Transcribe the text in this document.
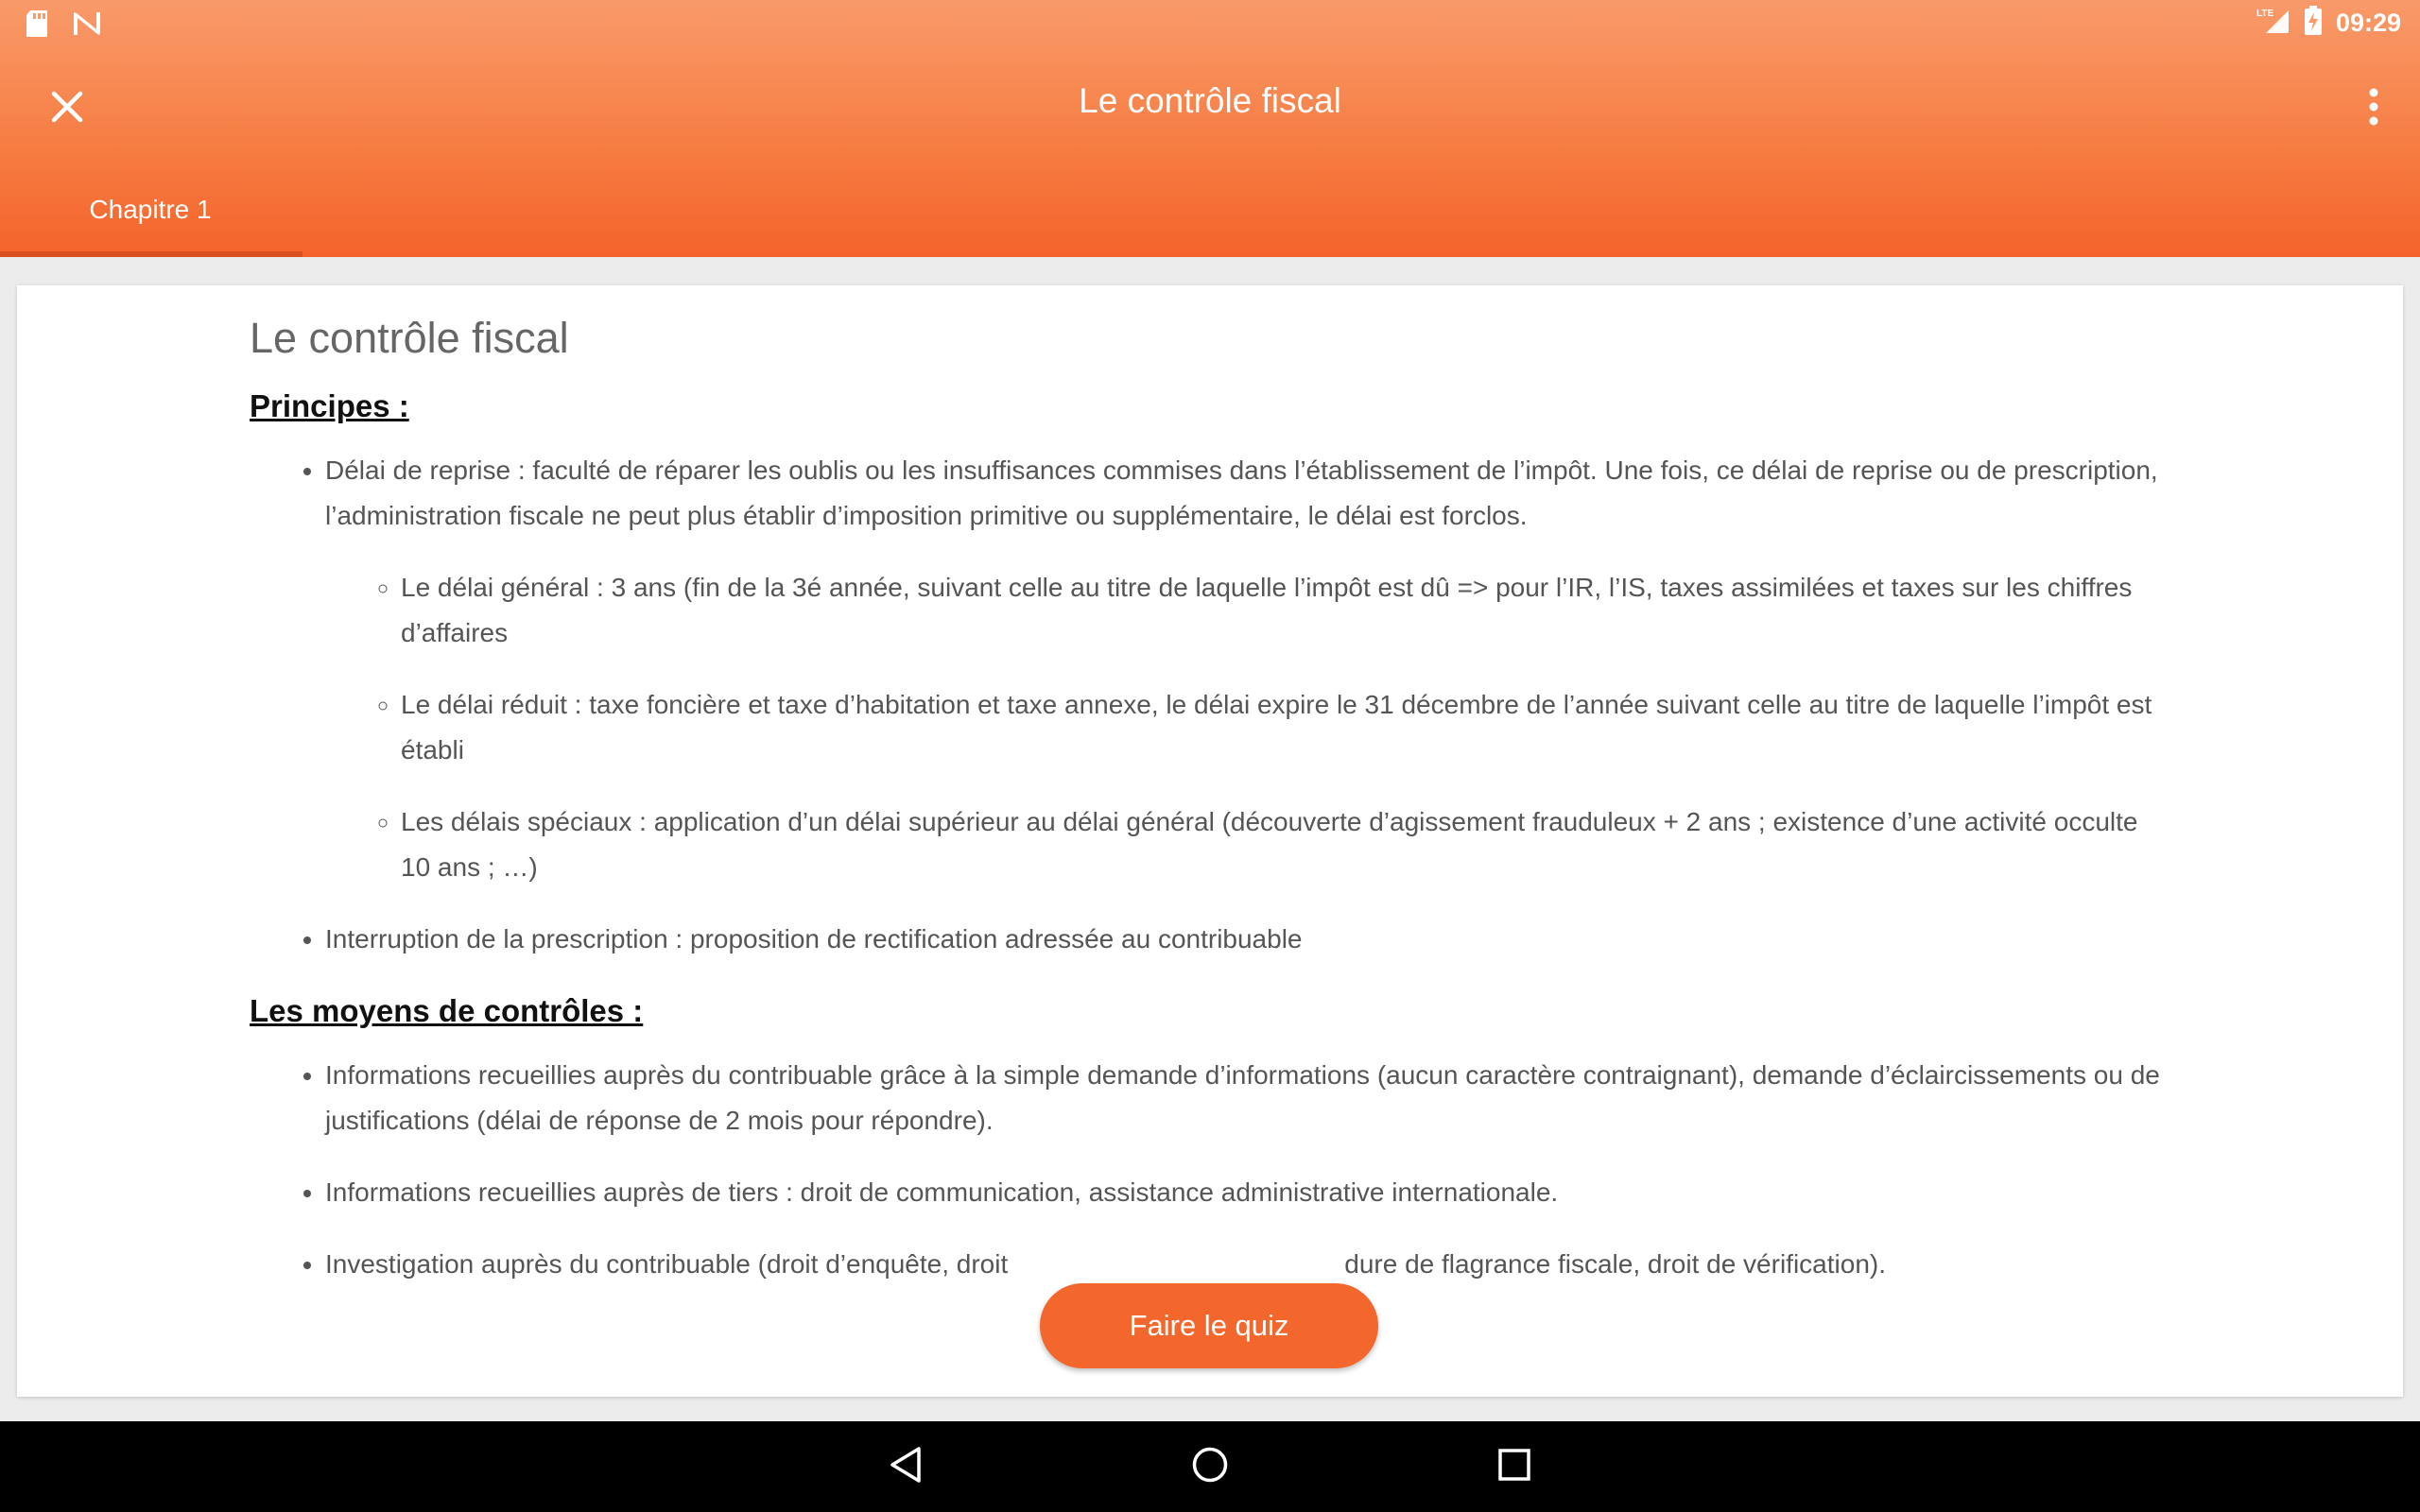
LTE 09:29
Le contrôle fiscal
Chapitre 1
Le contrôle fiscal
Principes :
• Délai de reprise : faculté de réparer les oublis ou les insuffisances commises dans l’établissement de l’impôt. Une fois, ce délai de reprise ou de prescription, l’administration fiscale ne peut plus établir d’imposition primitive ou supplémentaire, le délai est forclos.
◦ Le délai général : 3 ans (fin de la 3é année, suivant celle au titre de laquelle l’impôt est dû => pour l’IR, l’IS, taxes assimilées et taxes sur les chiffres d’affaires
◦ Le délai réduit : taxe foncière et taxe d’habitation et taxe annexe, le délai expire le 31 décembre de l’année suivant celle au titre de laquelle l’impôt est établi
◦ Les délais spéciaux : application d’un délai supérieur au délai général (découverte d’agissement frauduleux + 2 ans ; existence d’une activité occulte 10 ans ; …)
• Interruption de la prescription : proposition de rectification adressée au contribuable
Les moyens de contrôles :
• Informations recueillies auprès du contribuable grâce à la simple demande d’informations (aucun caractère contraignant), demande d’éclaircissements ou de justifications (délai de réponse de 2 mois pour répondre).
• Informations recueillies auprès de tiers : droit de communication, assistance administrative internationale.
• Investigation auprès du contribuable (droit d’enquête, droit	dure de flagrance fiscale, droit de vérification).
Faire le quiz
